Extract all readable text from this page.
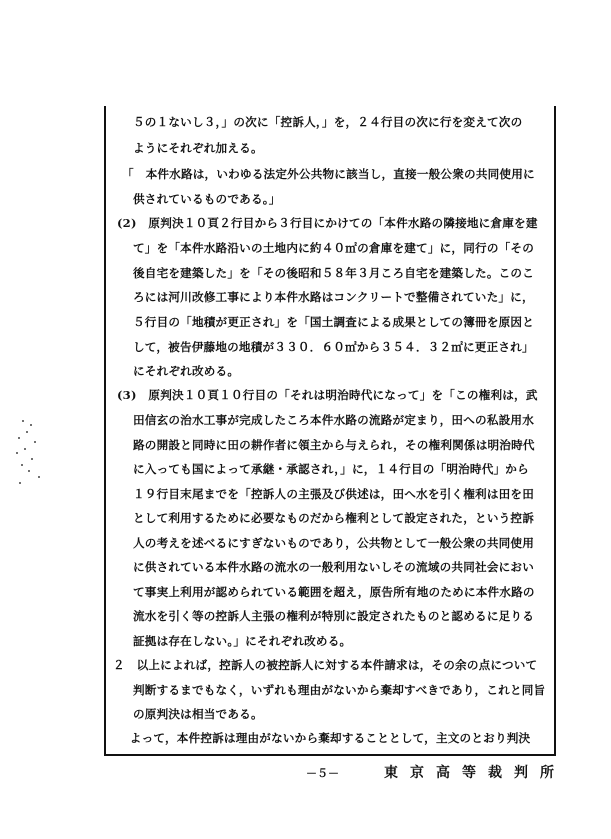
５の１ないし３，」の次に「控訴人，」を，２４行目の次に行を変えて次の
ようにそれぞれ加える。
「　本件水路は，いわゆる法定外公共物に該当し，直接一般公衆の共同使用に
供されているものである。」
(2)　原判決１０頁２行目から３行目にかけての「本件水路の隣接地に倉庫を建
て」を「本件水路沿いの土地内に約４０㎡の倉庫を建て」に，同行の「その
後自宅を建築した」を「その後昭和５８年３月ころ自宅を建築した。このこ
ろには河川改修工事により本件水路はコンクリートで整備されていた」に，
５行目の「地積が更正され」を「国土調査による成果としての簿冊を原因と
して，被告伊藤地の地積が３３０．６０㎡から３５４．３２㎡に更正され」
にそれぞれ改める。
(3)　原判決１０頁１０行目の「それは明治時代になって」を「この権利は，武
田信玄の治水工事が完成したころ本件水路の流路が定まり，田への私設用水
路の開設と同時に田の耕作者に領主から与えられ，その権利関係は明治時代
に入っても国によって承継・承認され，」に，１４行目の「明治時代」から
１９行目末尾までを「控訴人の主張及び供述は，田へ水を引く権利は田を田
として利用するために必要なものだから権利として設定された，という控訴
人の考えを述べるにすぎないものであり，公共物として一般公衆の共同使用
に供されている本件水路の流水の一般利用ないしその流域の共同社会におい
て事実上利用が認められている範囲を超え，原告所有地のために本件水路の
流水を引く等の控訴人主張の権利が特別に設定されたものと認めるに足りる
証拠は存在しない。」にそれぞれ改める。
２　以上によれば，控訴人の被控訴人に対する本件請求は，その余の点について
判断するまでもなく，いずれも理由がないから棄却すべきであり，これと同旨
の原判決は相当である。
　よって，本件控訴は理由がないから棄却することとして，主文のとおり判決
－５－	東京高等裁判所
